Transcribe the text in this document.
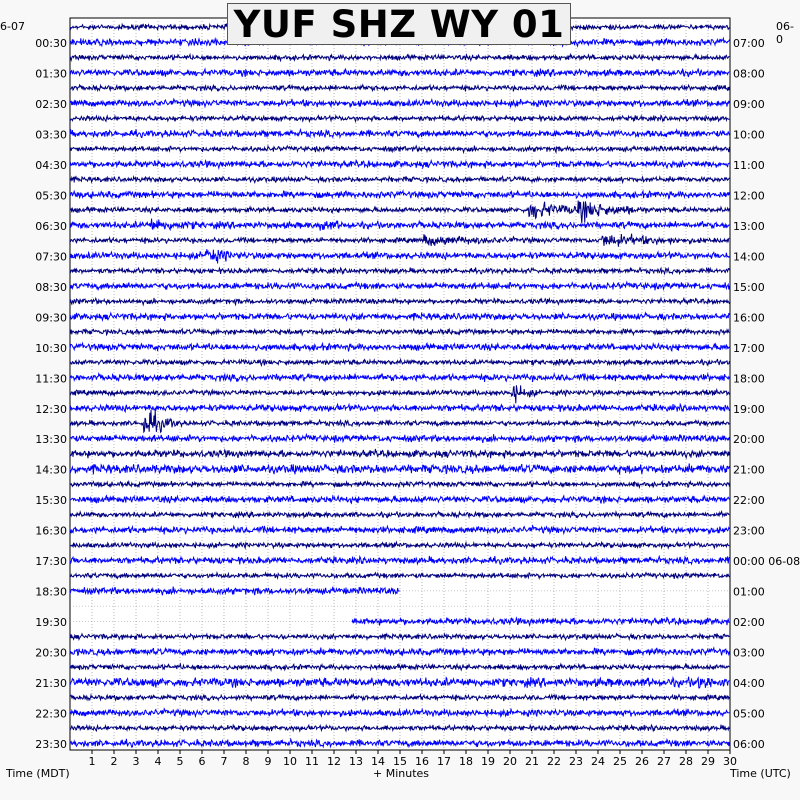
00:30
01:30
02:30
03:30
04:30
05:30
06:30
07:30
08:30
09:30
10:30
11:30
12:30
13:30
14:30
15:30
16:30
17:30
18:30
19:30
20:30
21:30
22:30
23:30
07:00
08:00
09:00
10:00
11:00
12:00
13:00
14:00
15:00
16:00
17:00
18:00
19:00
20:00
21:00
22:00
23:00
00:00 06-08
01:00
02:00
03:00
04:00
05:00
06:00
1 2 3 4 5 6 7 8 9 10 11 12 13 14 15 16 17 18 19 20 21 22 23 24 25 26 27 28 29 30
YUF SHZ WY 01
6-07	06-0
Time (MDT)	+ Minutes	Time (UTC)
